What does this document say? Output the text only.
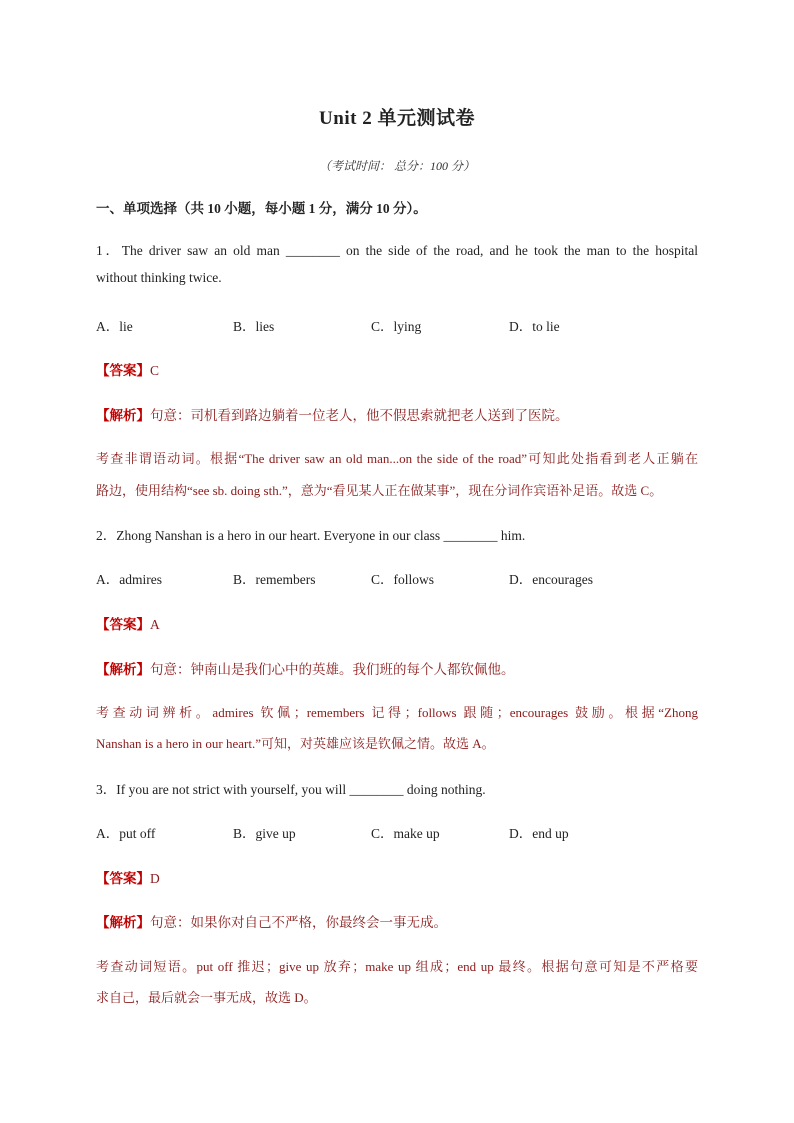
Unit 2 单元测试卷
（考试时间： 总分：100 分）
一、单项选择（共 10 小题，每小题 1 分，满分 10 分）。
1．The driver saw an old man ________ on the side of the road, and he took the man to the hospital
without thinking twice.
A．lie	B．lies	C．lying	D．to lie
【答案】C
【解析】句意：司机看到路边躺着一位老人，他不假思索就把老人送到了医院。
考查非谓语动词。根据“The driver saw an old man...on the side of the road”可知此处指看到老人正躺在
路边，使用结构“see sb. doing sth.”，意为“看见某人正在做某事”，现在分词作宾语补足语。故选 C。
2．Zhong Nanshan is a hero in our heart. Everyone in our class ________ him.
A．admires	B．remembers	C．follows	D．encourages
【答案】A
【解析】句意：钟南山是我们心中的英雄。我们班的每个人都钦佩他。
考查动词辨析。admires 钦佩；remembers 记得；follows 跟随；encourages 鼓励。根据“Zhong
Nanshan is a hero in our heart.”可知，对英雄应该是钦佩之情。故选 A。
3．If you are not strict with yourself, you will ________ doing nothing.
A．put off	B．give up	C．make up	D．end up
【答案】D
【解析】句意：如果你对自己不严格，你最终会一事无成。
考查动词短语。put off 推迟；give up 放弃；make up 组成；end up 最终。根据句意可知是不严格要
求自己，最后就会一事无成，故选 D。
